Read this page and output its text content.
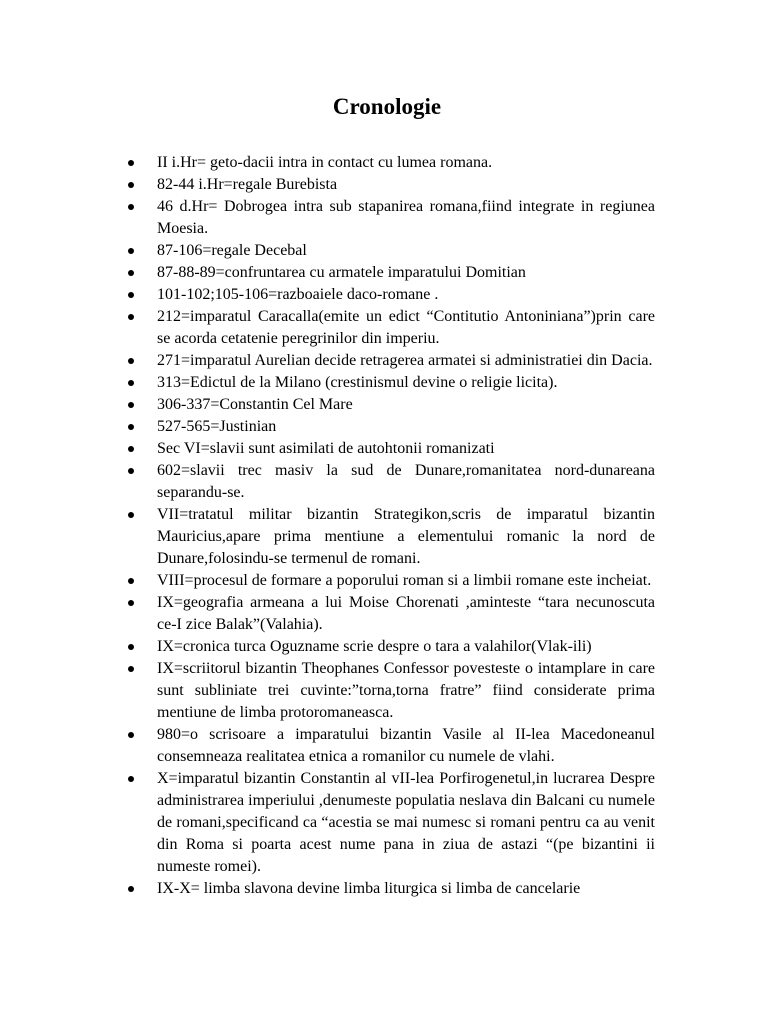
Cronologie
II i.Hr= geto-dacii intra in contact cu lumea romana.
82-44 i.Hr=regale Burebista
46 d.Hr= Dobrogea intra sub stapanirea romana,fiind integrate in regiunea Moesia.
87-106=regale Decebal
87-88-89=confruntarea cu armatele imparatului Domitian
101-102;105-106=razboaiele daco-romane .
212=imparatul Caracalla(emite un edict “Contitutio Antoniniana”)prin care se acorda cetatenie peregrinilor din imperiu.
271=imparatul Aurelian decide retragerea armatei si administratiei din Dacia.
313=Edictul de la Milano (crestinismul devine o religie licita).
306-337=Constantin Cel Mare
527-565=Justinian
Sec VI=slavii sunt asimilati de autohtonii romanizati
602=slavii trec masiv la sud de Dunare,romanitatea nord-dunareana separandu-se.
VII=tratatul militar bizantin Strategikon,scris de imparatul bizantin Mauricius,apare prima mentiune a elementului romanic la nord de Dunare,folosindu-se termenul de romani.
VIII=procesul de formare a poporului roman si a limbii romane este incheiat.
IX=geografia armeana a lui Moise Chorenati ,aminteste “tara necunoscuta ce-I zice Balak”(Valahia).
IX=cronica turca Oguzname scrie despre o tara a valahilor(Vlak-ili)
IX=scriitorul bizantin Theophanes Confessor povesteste o intamplare in care sunt subliniate trei cuvinte:”torna,torna fratre” fiind considerate prima mentiune de limba protoromaneasca.
980=o scrisoare a imparatului bizantin Vasile al II-lea Macedoneanul consemneaza realitatea etnica a romanilor cu numele de vlahi.
X=imparatul bizantin Constantin al vII-lea Porfirogenetul,in lucrarea Despre administrarea imperiului ,denumeste populatia neslava din Balcani cu numele de romani,specificand ca “acestia se mai numesc si romani pentru ca au venit din Roma si poarta acest nume pana in ziua de astazi “(pe bizantini ii numeste romei).
IX-X= limba slavona devine limba liturgica si limba de cancelarie
